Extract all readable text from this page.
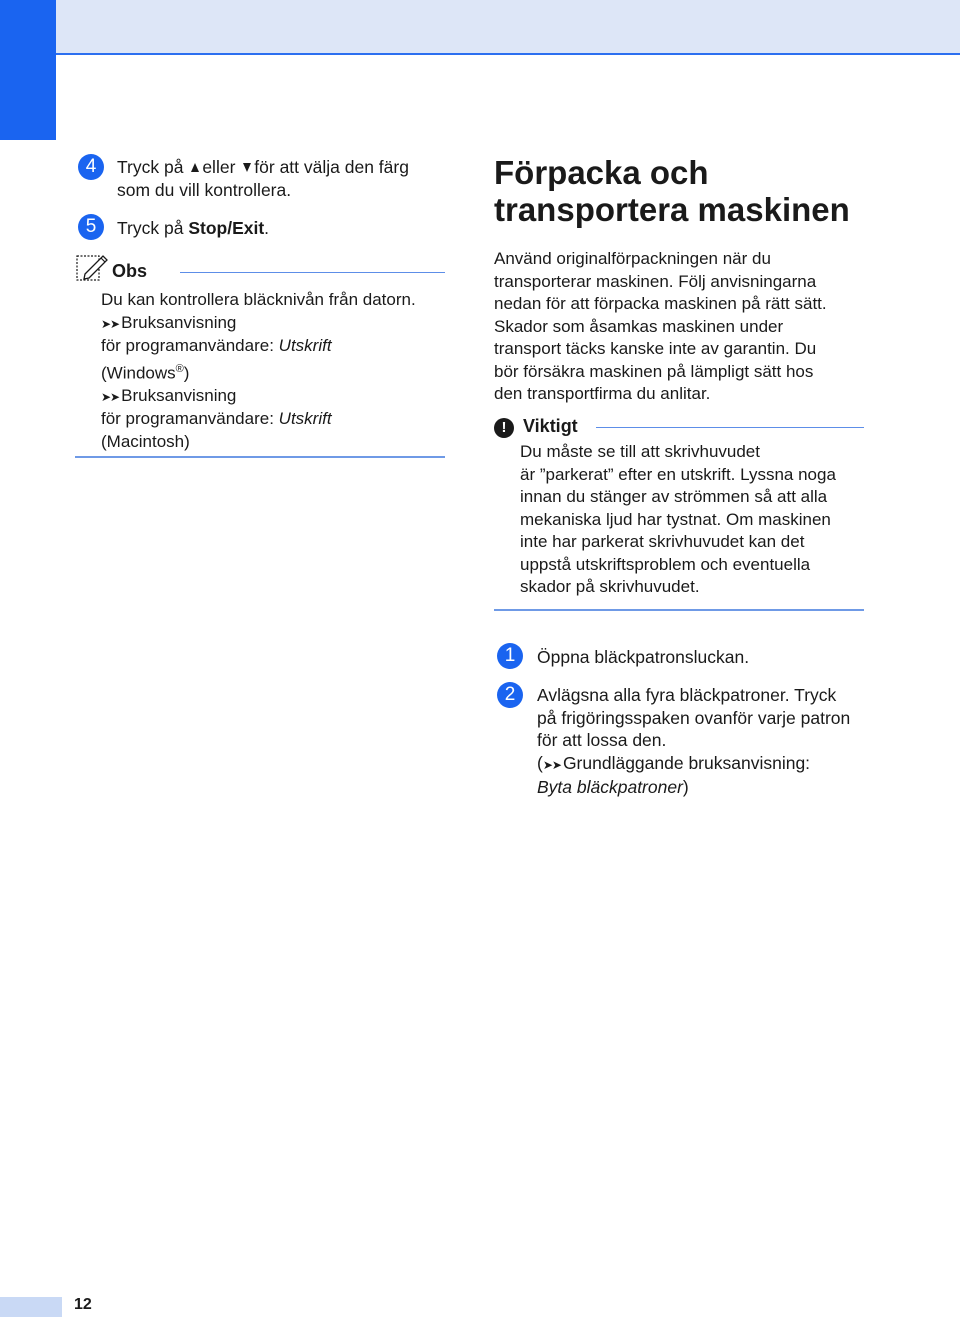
4	Tryck på eller för att välja den färg
som du vill kontrollera.
5	Tryck på Stop/Exit.
Obs
Du kan kontrollera bläcknivån från datorn.
➤➤ Bruksanvisning
för programanvändare: Utskrift
(Windows®)
➤➤ Bruksanvisning
för programanvändare: Utskrift
(Macintosh)
Förpacka och
transportera maskinen
Använd originalförpackningen när du
transporterar maskinen. Följ anvisningarna
nedan för att förpacka maskinen på rätt sätt.
Skador som åsamkas maskinen under
transport täcks kanske inte av garantin. Du
bör försäkra maskinen på lämpligt sätt hos
den transportfirma du anlitar.
! Viktigt
Du måste se till att skrivhuvudet
är ”parkerat” efter en utskrift. Lyssna noga
innan du stänger av strömmen så att alla
mekaniska ljud har tystnat. Om maskinen
inte har parkerat skrivhuvudet kan det
uppstå utskriftsproblem och eventuella
skador på skrivhuvudet.
1	Öppna bläckpatronsluckan.
2	Avlägsna alla fyra bläckpatroner. Tryck
på frigöringsspaken ovanför varje patron
för att lossa den.
(➤➤ Grundläggande bruksanvisning:
Byta bläckpatroner)
12
